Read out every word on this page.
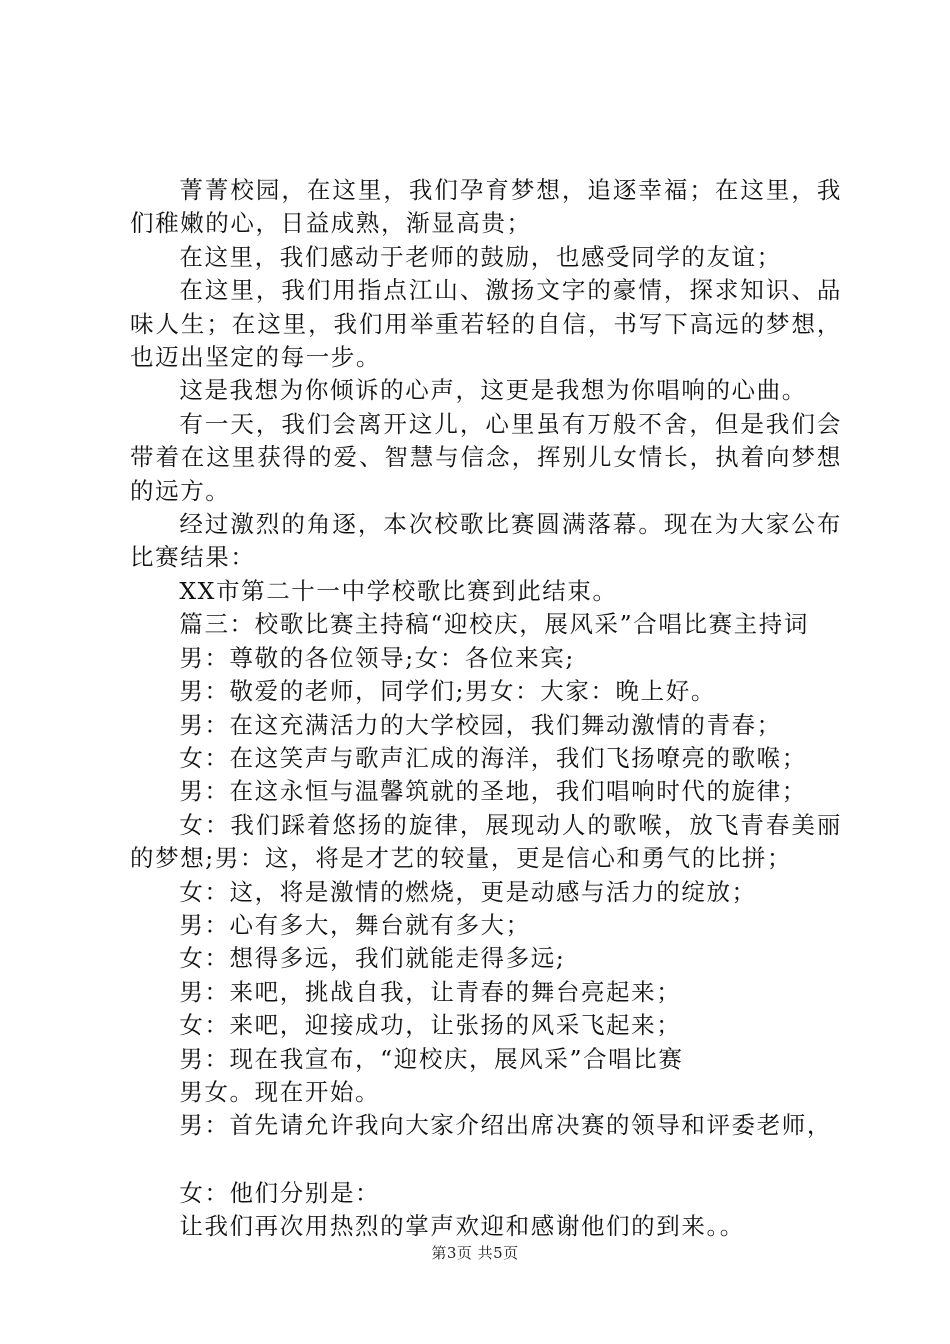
菁菁校园，在这里，我们孕育梦想，追逐幸福；在这里，我们稚嫩的心，日益成熟，渐显高贵；

在这里，我们感动于老师的鼓励，也感受同学的友谊；

在这里，我们用指点江山、激扬文字的豪情，探求知识、品味人生；在这里，我们用举重若轻的自信，书写下高远的梦想，也迈出坚定的每一步。

这是我想为你倾诉的心声，这更是我想为你唱响的心曲。

有一天，我们会离开这儿，心里虽有万般不舍，但是我们会带着在这里获得的爱、智慧与信念，挥别儿女情长，执着向梦想的远方。

经过激烈的角逐，本次校歌比赛圆满落幕。现在为大家公布比赛结果：

XX市第二十一中学校歌比赛到此结束。

篇三：校歌比赛主持稿“迎校庆，展风采”合唱比赛主持词

男：尊敬的各位领导;女：各位来宾;

男：敬爱的老师，同学们;男女：大家：晚上好。

男：在这充满活力的大学校园，我们舞动激情的青春；

女：在这笑声与歌声汇成的海洋，我们飞扬嘹亮的歌喉；

男：在这永恒与温馨筑就的圣地，我们唱响时代的旋律；

女：我们踩着悠扬的旋律，展现动人的歌喉，放飞青春美丽的梦想;男：这，将是才艺的较量，更是信心和勇气的比拼；

女：这，将是激情的燃烧，更是动感与活力的绽放；

男：心有多大，舞台就有多大；

女：想得多远，我们就能走得多远;

男：来吧，挑战自我，让青春的舞台亮起来；

女：来吧，迎接成功，让张扬的风采飞起来；

男：现在我宣布，“迎校庆，展风采”合唱比赛

男女。现在开始。

男：首先请允许我向大家介绍出席决赛的领导和评委老师，

女：他们分别是：

让我们再次用热烈的掌声欢迎和感谢他们的到来。。

第3页 共5页
